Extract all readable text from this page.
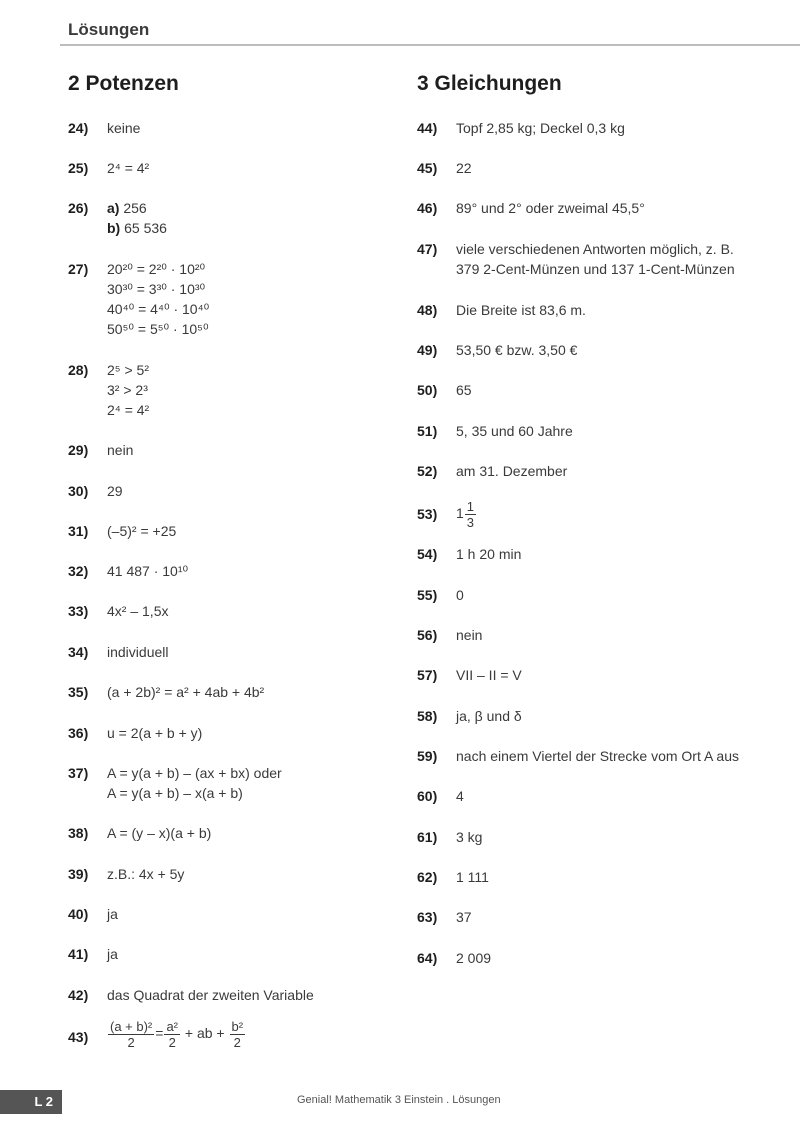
Lösungen
2 Potenzen	3 Gleichungen
24) keine
25) 2⁴ = 4²
26) a) 256
b) 65 536
27) 20²⁰ = 2²⁰ · 10²⁰
30³⁰ = 3³⁰ · 10³⁰
40⁴⁰ = 4⁴⁰ · 10⁴⁰
50⁵⁰ = 5⁵⁰ · 10⁵⁰
28) 2⁵ > 5²
3² > 2³
2⁴ = 4²
29) nein
30) 29
31) (–5)² = +25
32) 41 487 · 10¹⁰
33) 4x² – 1,5x
34) individuell
35) (a + 2b)² = a² + 4ab + 4b²
36) u = 2(a + b + y)
37) A = y(a + b) – (ax + bx) oder
A = y(a + b) – x(a + b)
38) A = (y – x)(a + b)
39) z.B.: 4x + 5y
40) ja
41) ja
42) das Quadrat der zweiten Variable
$43) \frac{\text{(a + b)²}}{2} = \frac{\text{a²}}{2}$ + ab + $\frac{\text{b²}}{2}$
44) Topf 2,85 kg; Deckel 0,3 kg
45) 22
46) 89° und 2° oder zweimal 45,5°
47) viele verschiedenen Antworten möglich, z. B.
379 2-Cent-Münzen und 137 1-Cent-Münzen
48) Die Breite ist 83,6 m.
49) 53,50 € bzw. 3,50 €
50) 65
51) 5, 35 und 60 Jahre
52) am 31. Dezember
53) $1 \frac{1}{3}$
54) 1 h 20 min
55) 0
56) nein
57) VII – II = V
58) ja, β und δ
59) nach einem Viertel der Strecke vom Ort A aus
60) 4
61) 3 kg
62) 1 111
63) 37
64) 2 009
L 2	Genial! Mathematik 3 Einstein . Lösungen
